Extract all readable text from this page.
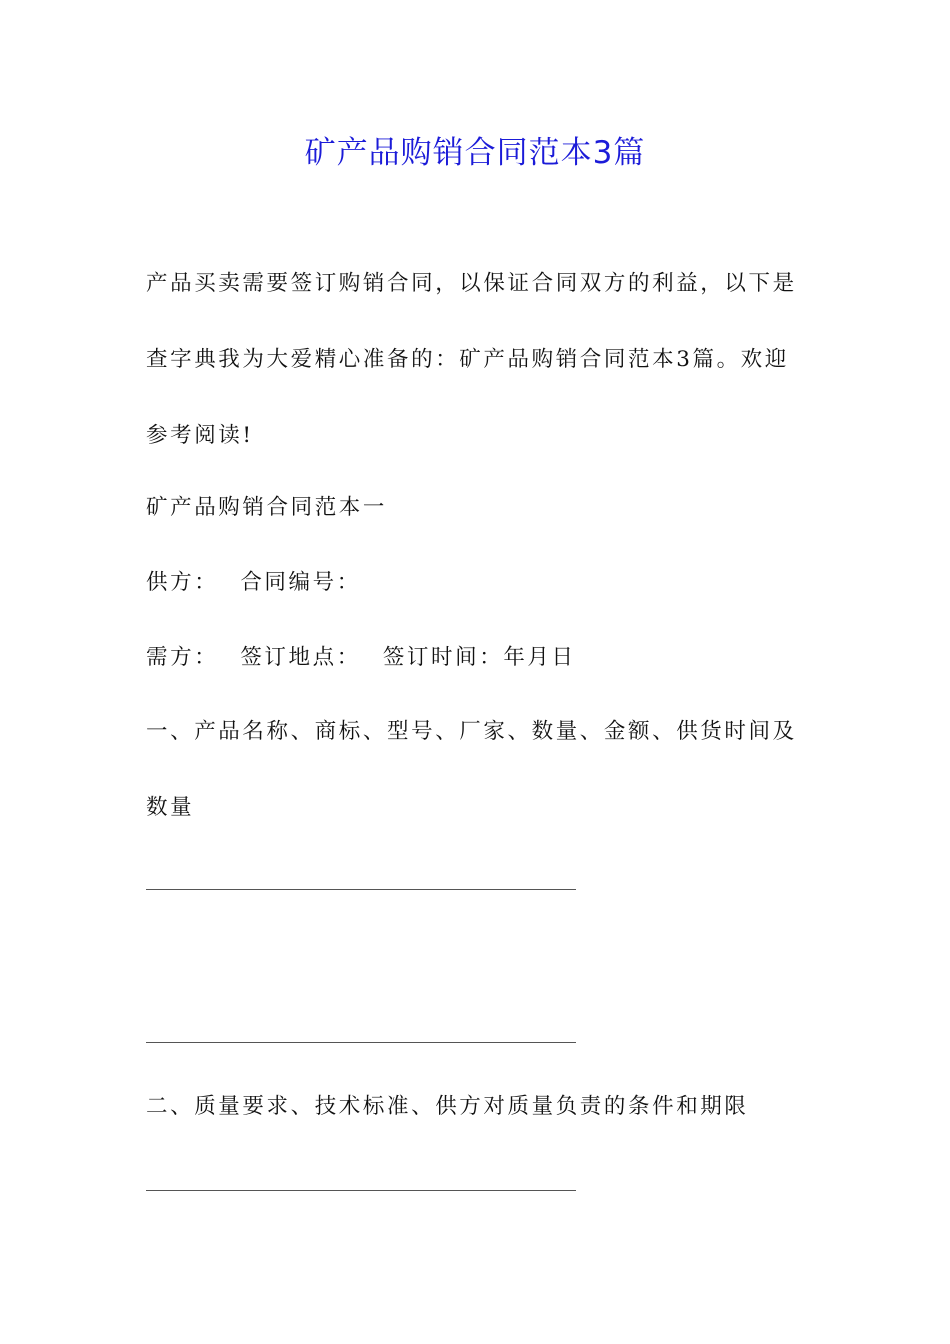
矿产品购销合同范本3篇
产品买卖需要签订购销合同，以保证合同双方的利益，以下是
查字典我为大爱精心准备的：矿产品购销合同范本3篇。欢迎
参考阅读!
矿产品购销合同范本一
供方： 合同编号：
需方： 签订地点： 签订时间：年月日
一、产品名称、商标、型号、厂家、数量、金额、供货时间及
数量
二、质量要求、技术标准、供方对质量负责的条件和期限
